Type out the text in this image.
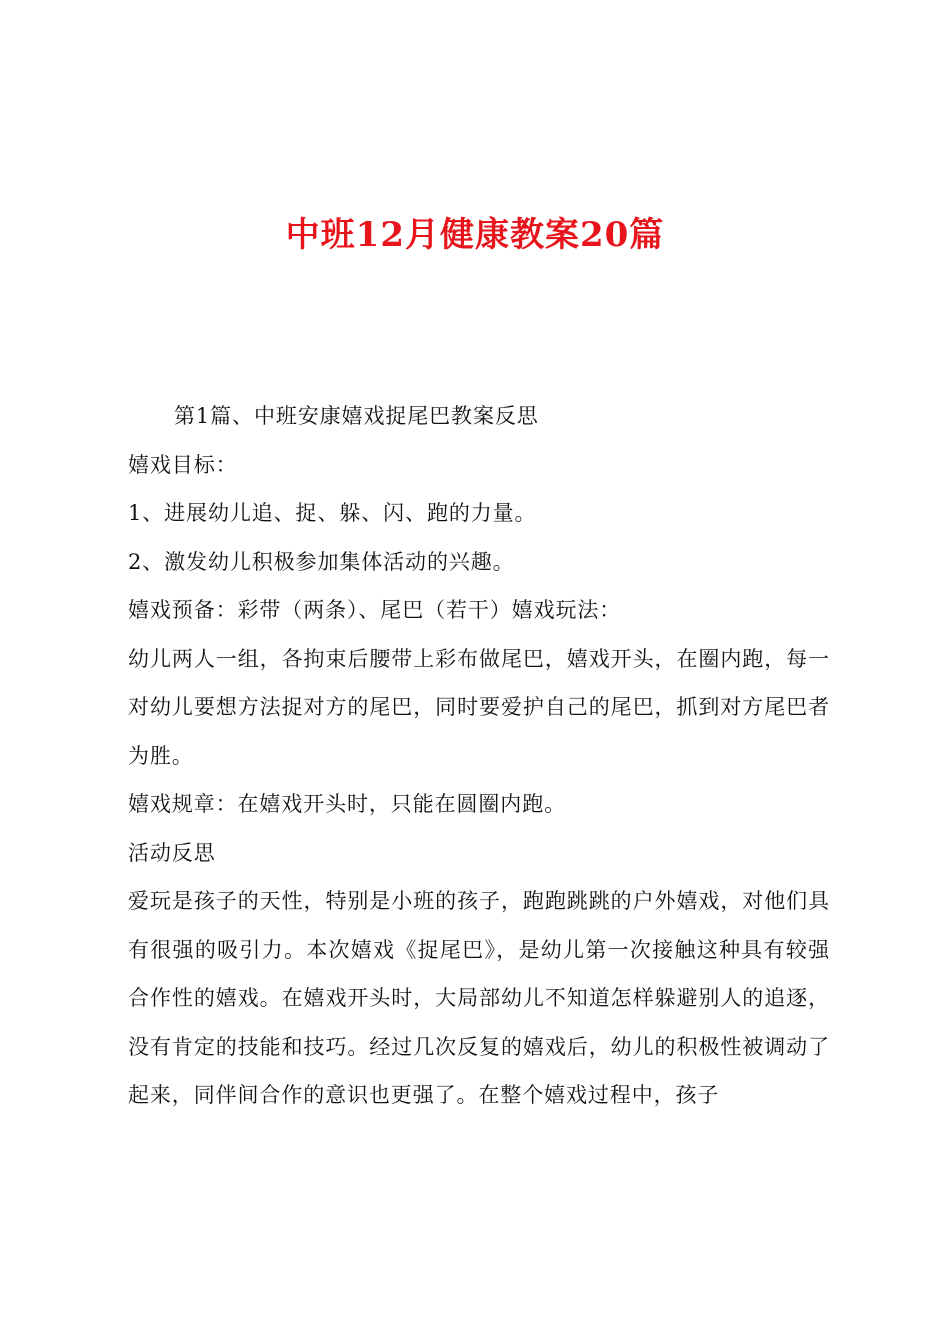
中班12月健康教案20篇

第1篇、中班安康嬉戏捉尾巴教案反思

嬉戏目标：

1、进展幼儿追、捉、躲、闪、跑的力量。

2、激发幼儿积极参加集体活动的兴趣。

嬉戏预备：彩带（两条）、尾巴（若干）嬉戏玩法：

幼儿两人一组，各拘束后腰带上彩布做尾巴，嬉戏开头，在圈内跑，每一对幼儿要想方法捉对方的尾巴，同时要爱护自己的尾巴，抓到对方尾巴者为胜。

嬉戏规章：在嬉戏开头时，只能在圆圈内跑。

活动反思

爱玩是孩子的天性，特别是小班的孩子，跑跑跳跳的户外嬉戏，对他们具有很强的吸引力。本次嬉戏《捉尾巴》，是幼儿第一次接触这种具有较强合作性的嬉戏。在嬉戏开头时，大局部幼儿不知道怎样躲避别人的追逐，没有肯定的技能和技巧。经过几次反复的嬉戏后，幼儿的积极性被调动了起来，同伴间合作的意识也更强了。在整个嬉戏过程中，孩子
